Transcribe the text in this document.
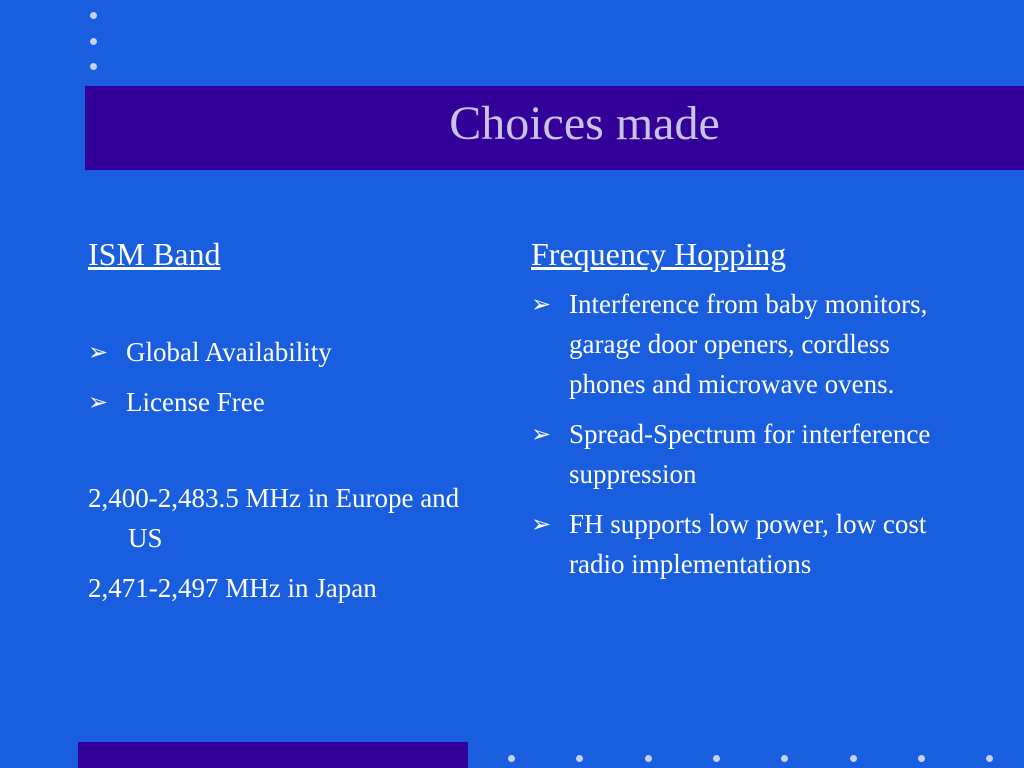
Choices made

ISM Band

➢ Global Availability
➢ License Free
2,400-2,483.5 MHz in Europe and US
2,471-2,497 MHz in Japan

Frequency Hopping

➢ Interference from baby monitors, garage door openers, cordless phones and microwave ovens.
➢ Spread-Spectrum for interference suppression
➢ FH supports low power, low cost radio implementations
